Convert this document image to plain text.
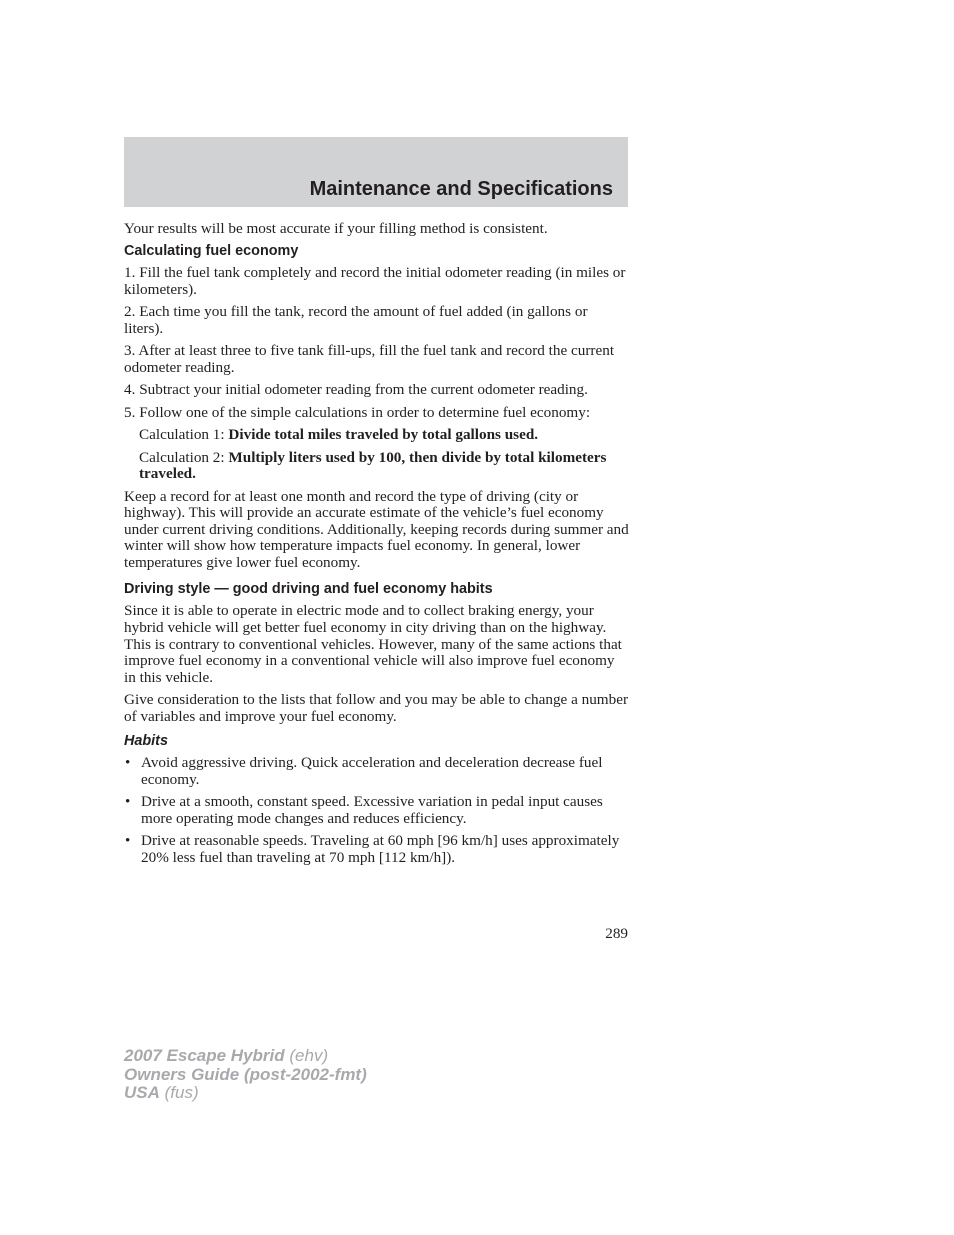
Maintenance and Specifications

Your results will be most accurate if your filling method is consistent.

Calculating fuel economy

1. Fill the fuel tank completely and record the initial odometer reading (in miles or kilometers).

2. Each time you fill the tank, record the amount of fuel added (in gallons or liters).

3. After at least three to five tank fill-ups, fill the fuel tank and record the current odometer reading.

4. Subtract your initial odometer reading from the current odometer reading.

5. Follow one of the simple calculations in order to determine fuel economy:

Calculation 1: Divide total miles traveled by total gallons used.

Calculation 2: Multiply liters used by 100, then divide by total kilometers traveled.

Keep a record for at least one month and record the type of driving (city or highway). This will provide an accurate estimate of the vehicle’s fuel economy under current driving conditions. Additionally, keeping records during summer and winter will show how temperature impacts fuel economy. In general, lower temperatures give lower fuel economy.

Driving style — good driving and fuel economy habits

Since it is able to operate in electric mode and to collect braking energy, your hybrid vehicle will get better fuel economy in city driving than on the highway. This is contrary to conventional vehicles. However, many of the same actions that improve fuel economy in a conventional vehicle will also improve fuel economy in this vehicle.

Give consideration to the lists that follow and you may be able to change a number of variables and improve your fuel economy.

Habits
• Avoid aggressive driving. Quick acceleration and deceleration decrease fuel economy.
• Drive at a smooth, constant speed. Excessive variation in pedal input causes more operating mode changes and reduces efficiency.
• Drive at reasonable speeds. Traveling at 60 mph [96 km/h] uses approximately 20% less fuel than traveling at 70 mph [112 km/h]).

289

2007 Escape Hybrid (ehv)

Owners Guide (post-2002-fmt)

USA (fus)
